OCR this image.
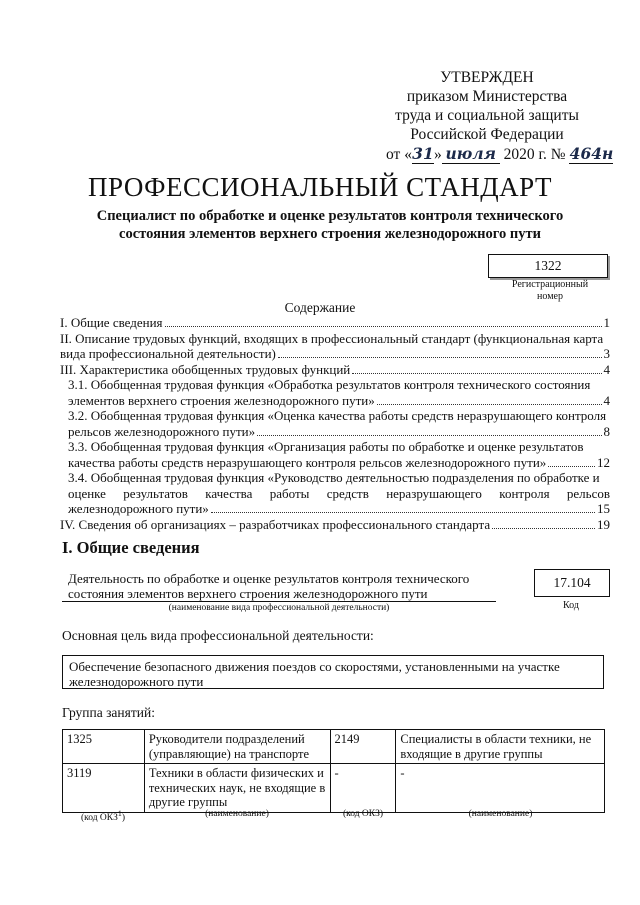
УТВЕРЖДЕН
приказом Министерства
труда и социальной защиты
Российской Федерации
от «31» июля 2020 г. № 464н
ПРОФЕССИОНАЛЬНЫЙ СТАНДАРТ
Специалист по обработке и оценке результатов контроля технического состояния элементов верхнего строения железнодорожного пути
1322
Регистрационный номер
Содержание
I. Общие сведения	1
II. Описание трудовых функций, входящих в профессиональный стандарт (функциональная карта
вида профессиональной деятельности)	3
III. Характеристика обобщенных трудовых функций	4
3.1. Обобщенная трудовая функция «Обработка результатов контроля технического состояния
элементов верхнего строения железнодорожного пути»	4
3.2. Обобщенная трудовая функция «Оценка качества работы средств неразрушающего контроля
рельсов железнодорожного пути»	8
3.3. Обобщенная трудовая функция «Организация работы по обработке и оценке результатов
качества работы средств неразрушающего контроля рельсов железнодорожного пути»	12
3.4. Обобщенная трудовая функция «Руководство деятельностью подразделения по обработке и
оценке результатов качества работы средств неразрушающего контроля рельсов
железнодорожного пути»	15
IV. Сведения об организациях – разработчиках профессионального стандарта	19
I. Общие сведения
Деятельность по обработке и оценке результатов контроля технического состояния элементов верхнего строения железнодорожного пути
(наименование вида профессиональной деятельности)
17.104
Код
Основная цель вида профессиональной деятельности:
Обеспечение безопасного движения поездов со скоростями, установленными на участке железнодорожного пути
Группа занятий:
1325	Руководители подразделений (управляющие) на транспорте	2149	Специалисты в области техники, не входящие в другие группы
3119	Техники в области физических и технических наук, не входящие в другие группы	-	-
(код ОКЗ$^1$)	(наименование)	(код ОКЗ)	(наименование)
